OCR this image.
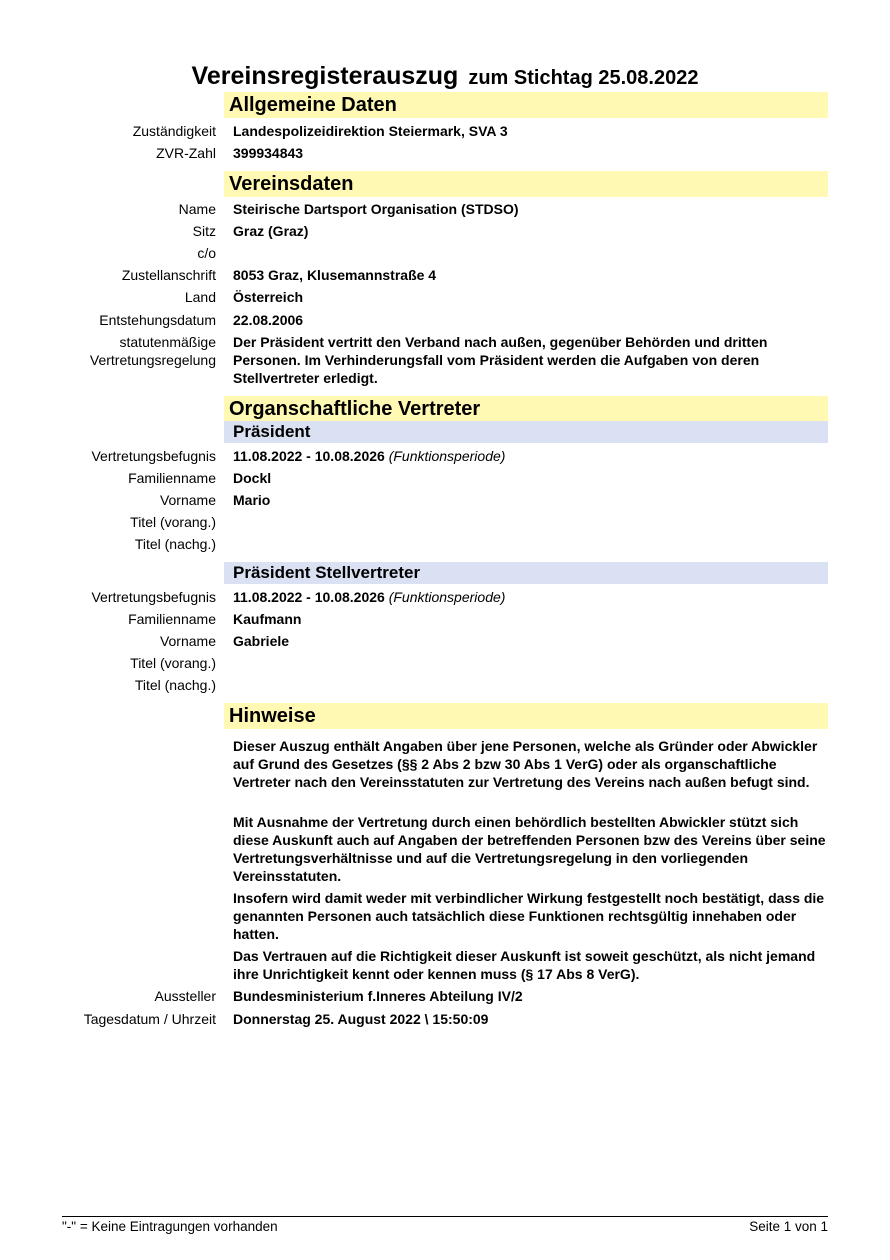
Vereinsregisterauszug zum Stichtag 25.08.2022
Allgemeine Daten
Zuständigkeit Landespolizeidirektion Steiermark, SVA 3
ZVR-Zahl 399934843
Vereinsdaten
Name Steirische Dartsport Organisation (STDSO)
Sitz Graz (Graz)
c/o
Zustellanschrift 8053 Graz, Klusemannstraße 4
Land Österreich
Entstehungsdatum 22.08.2006
statutenmäßige
Vertretungsregelung
Der Präsident vertritt den Verband nach außen, gegenüber Behörden und dritten Personen. Im Verhinderungsfall vom Präsident werden die Aufgaben von deren Stellvertreter erledigt.
Organschaftliche Vertreter
Präsident
Vertretungsbefugnis 11.08.2022 - 10.08.2026 (Funktionsperiode)
Familienname Dockl
Vorname Mario
Titel (vorang.)
Titel (nachg.)
Präsident Stellvertreter
Vertretungsbefugnis 11.08.2022 - 10.08.2026 (Funktionsperiode)
Familienname Kaufmann
Vorname Gabriele
Titel (vorang.)
Titel (nachg.)
Hinweise
Dieser Auszug enthält Angaben über jene Personen, welche als Gründer oder Abwickler auf Grund des Gesetzes (§§ 2 Abs 2 bzw 30 Abs 1 VerG) oder als organschaftliche Vertreter nach den Vereinsstatuten zur Vertretung des Vereins nach außen befugt sind.
Mit Ausnahme der Vertretung durch einen behördlich bestellten Abwickler stützt sich diese Auskunft auch auf Angaben der betreffenden Personen bzw des Vereins über seine Vertretungsverhältnisse und auf die Vertretungsregelung in den vorliegenden Vereinsstatuten.
Insofern wird damit weder mit verbindlicher Wirkung festgestellt noch bestätigt, dass die genannten Personen auch tatsächlich diese Funktionen rechtsgültig innehaben oder hatten.
Das Vertrauen auf die Richtigkeit dieser Auskunft ist soweit geschützt, als nicht jemand ihre Unrichtigkeit kennt oder kennen muss (§ 17 Abs 8 VerG).
Aussteller Bundesministerium f.Inneres Abteilung IV/2
Tagesdatum / Uhrzeit Donnerstag 25. August 2022 \ 15:50:09
"-" = Keine Eintragungen vorhanden	Seite 1 von 1
